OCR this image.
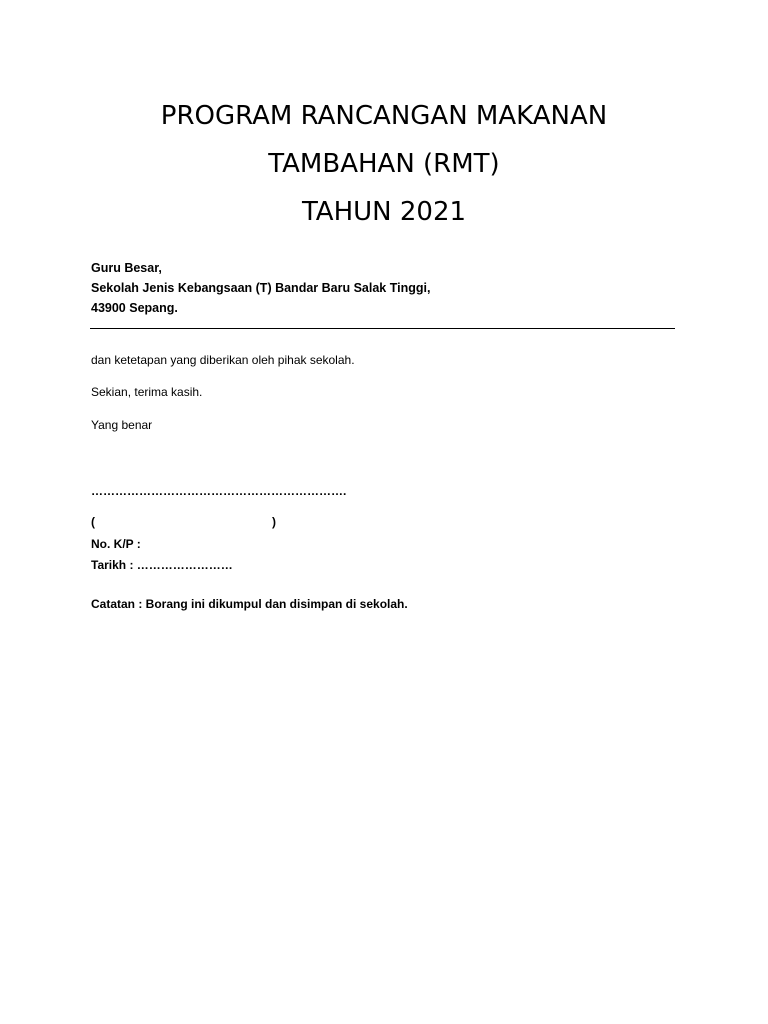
PROGRAM RANCANGAN MAKANAN
TAMBAHAN (RMT)
TAHUN 2021
Guru Besar,
Sekolah Jenis Kebangsaan (T) Bandar Baru Salak Tinggi,
43900 Sepang.
dan ketetapan yang diberikan oleh pihak sekolah.
Sekian, terima kasih.
Yang benar
……………………………………………………….
(	)
No. K/P :
Tarikh : ……………………
Catatan : Borang ini dikumpul dan disimpan di sekolah.
